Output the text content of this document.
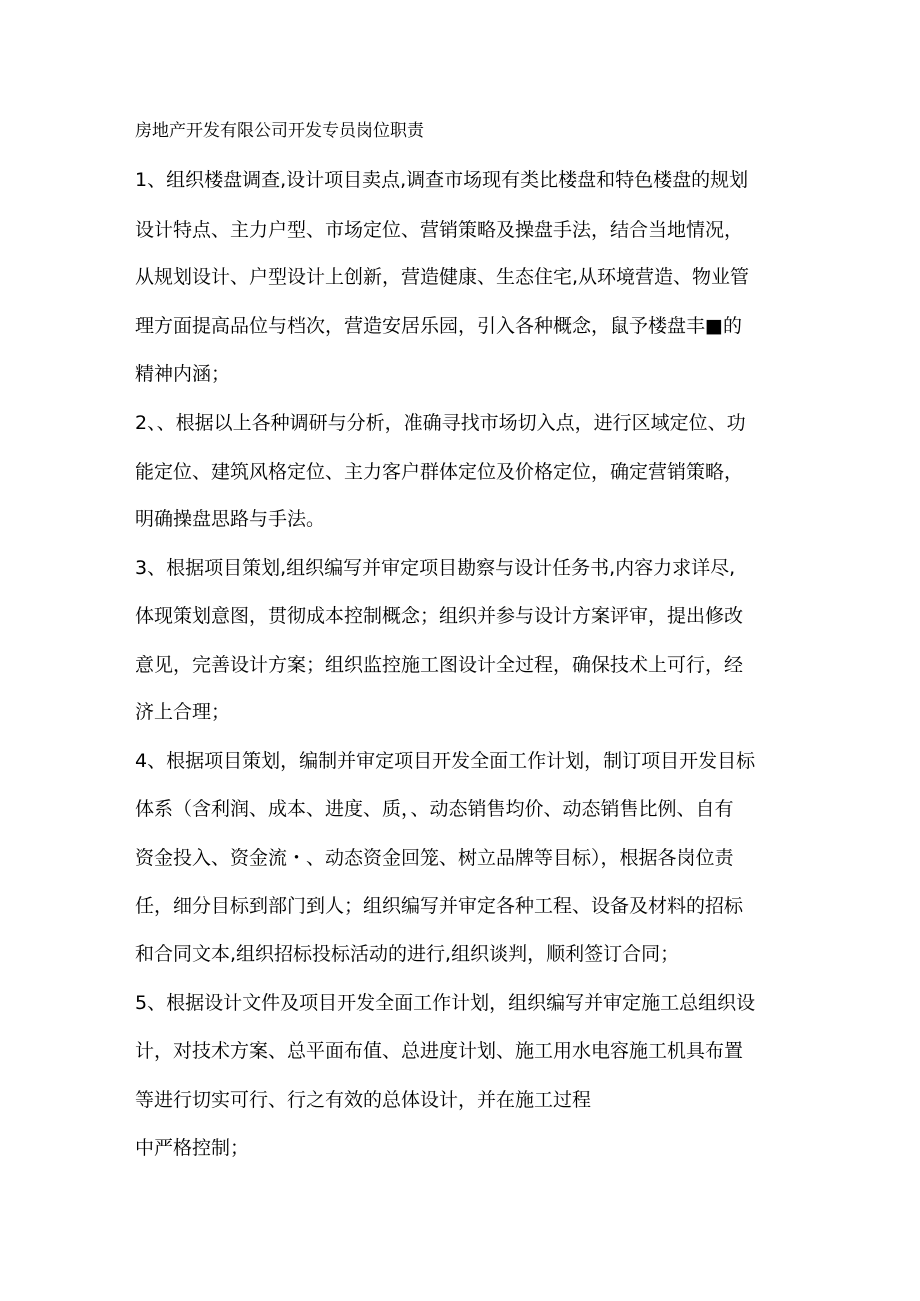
房地产开发有限公司开发专员岗位职责

1、组织楼盘调查,设计项目卖点,调查市场现有类比楼盘和特色楼盘的规划

设计特点、主力户型、市场定位、营销策略及操盘手法，结合当地情况，

从规划设计、户型设计上创新，营造健康、生态住宅,从环境营造、物业管

理方面提高品位与档次，营造安居乐园，引入各种概念，鼠予楼盘丰■的

精神内涵；

2、、根据以上各种调研与分析，准确寻找市场切入点，进行区域定位、功

能定位、建筑风格定位、主力客户群体定位及价格定位，确定营销策略，

明确操盘思路与手法。

3、根据项目策划,组织编写并审定项目勘察与设计任务书,内容力求详尽,

体现策划意图，贯彻成本控制概念；组织并参与设计方案评审，提出修改

意见，完善设计方案；组织监控施工图设计全过程，确保技术上可行，经

济上合理；

4、根据项目策划，编制并审定项目开发全面工作计划，制订项目开发目标

体系（含利润、成本、进度、质，、动态销售均价、动态销售比例、自有

资金投入、资金流・、动态资金回笼、树立品牌等目标），根据各岗位责

任，细分目标到部门到人；组织编写并审定各种工程、设备及材料的招标

和合同文本,组织招标投标活动的进行,组织谈判，顺利签订合同；

5、根据设计文件及项目开发全面工作计划，组织编写并审定施工总组织设

计，对技术方案、总平面布值、总进度计划、施工用水电容施工机具布置

等进行切实可行、行之有效的总体设计，并在施工过程

中严格控制；
